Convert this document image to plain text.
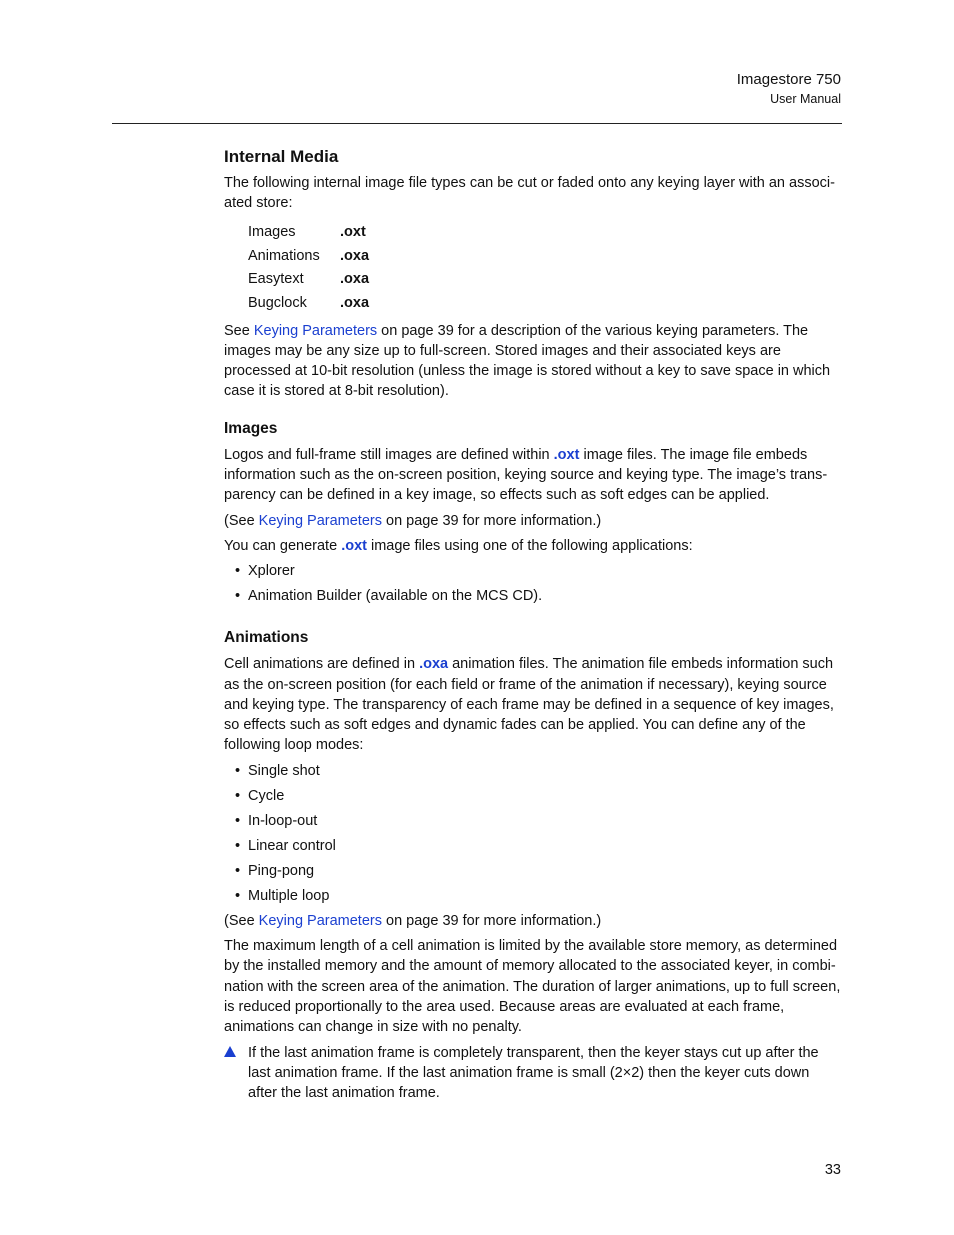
Imagestore 750
User Manual
Internal Media

The following internal image file types can be cut or faded onto any keying layer with an associ-ated store:

Images	.oxt
Animations	.oxa
Easytext	.oxa
Bugclock	.oxa

See Keying Parameters on page 39 for a description of the various keying parameters. The images may be any size up to full-screen. Stored images and their associated keys are processed at 10-bit resolution (unless the image is stored without a key to save space in which case it is stored at 8-bit resolution).

Images

Logos and full-frame still images are defined within .oxt image files. The image file embeds information such as the on-screen position, keying source and keying type. The image’s trans-parency can be defined in a key image, so effects such as soft edges can be applied.

(See Keying Parameters on page 39 for more information.)

You can generate .oxt image files using one of the following applications:

• Xplorer
• Animation Builder (available on the MCS CD).
Animations

Cell animations are defined in .oxa animation files. The animation file embeds information such as the on-screen position (for each field or frame of the animation if necessary), keying source and keying type. The transparency of each frame may be defined in a sequence of key images, so effects such as soft edges and dynamic fades can be applied. You can define any of the following loop modes:

• Single shot
• Cycle
• In-loop-out
• Linear control
• Ping-pong
• Multiple loop

(See Keying Parameters on page 39 for more information.)

The maximum length of a cell animation is limited by the available store memory, as determined by the installed memory and the amount of memory allocated to the associated keyer, in combi-nation with the screen area of the animation. The duration of larger animations, up to full screen, is reduced proportionally to the area used. Because areas are evaluated at each frame, animations can change in size with no penalty.

If the last animation frame is completely transparent, then the keyer stays cut up after the last animation frame. If the last animation frame is small (2×2) then the keyer cuts down after the last animation frame.
33
